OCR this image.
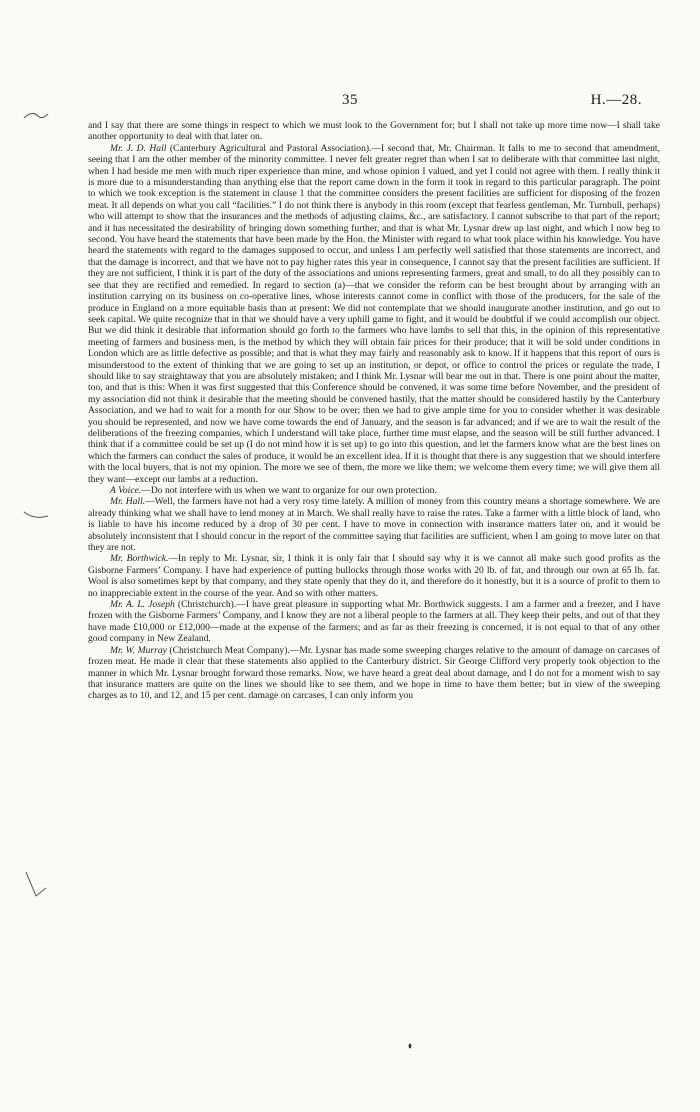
35	H.—28.

and I say that there are some things in respect to which we must look to the Government for; but I shall not take up more time now—I shall take another opportunity to deal with that later on.

Mr. J. D. Hall (Canterbury Agricultural and Pastoral Association).—I second that, Mr. Chairman. It falls to me to second that amendment, seeing that I am the other member of the minority committee. I never felt greater regret than when I sat to deliberate with that committee last night, when I had beside me men with much riper experience than mine, and whose opinion I valued, and yet I could not agree with them. I really think it is more due to a misunderstanding than anything else that the report came down in the form it took in regard to this particular paragraph. The point to which we took exception is the statement in clause 1 that the committee considers the present facilities are sufficient for disposing of the frozen meat. It all depends on what you call “facilities.” I do not think there is anybody in this room (except that fearless gentleman, Mr. Turnbull, perhaps) who will attempt to show that the insurances and the methods of adjusting claims, &c., are satisfactory. I cannot subscribe to that part of the report; and it has necessitated the desirability of bringing down something further, and that is what Mr. Lysnar drew up last night, and which I now beg to second. You have heard the statements that have been made by the Hon. the Minister with regard to what took place within his knowledge. You have heard the statements with regard to the damages supposed to occur, and unless I am perfectly well satisfied that those statements are incorrect, and that the damage is incorrect, and that we have not to pay higher rates this year in consequence, I cannot say that the present facilities are sufficient. If they are not sufficient, I think it is part of the duty of the associations and unions representing farmers, great and small, to do all they possibly can to see that they are rectified and remedied. In regard to section (a)—that we consider the reform can be best brought about by arranging with an institution carrying on its business on co-operative lines, whose interests cannot come in conflict with those of the producers, for the sale of the produce in England on a more equitable basis than at present: We did not contemplate that we should inaugurate another institution, and go out to seek capital. We quite recognize that in that we should have a very uphill game to fight, and it would be doubtful if we could accomplish our object. But we did think it desirable that information should go forth to the farmers who have lambs to sell that this, in the opinion of this representative meeting of farmers and business men, is the method by which they will obtain fair prices for their produce; that it will be sold under conditions in London which are as little defective as possible; and that is what they may fairly and reasonably ask to know. If it happens that this report of ours is misunderstood to the extent of thinking that we are going to set up an institution, or depot, or office to control the prices or regulate the trade, I should like to say straightaway that you are absolutely mistaken; and I think Mr. Lysnar will bear me out in that. There is one point about the matter, too, and that is this: When it was first suggested that this Conference should be convened, it was some time before November, and the president of my association did not think it desirable that the meeting should be convened hastily, that the matter should be considered hastily by the Canterbury Association, and we had to wait for a month for our Show to be over; then we had to give ample time for you to consider whether it was desirable you should be represented, and now we have come towards the end of January, and the season is far advanced; and if we are to wait the result of the deliberations of the freezing companies, which I understand will take place, further time must elapse, and the season will be still further advanced. I think that if a committee could be set up (I do not mind how it is set up) to go into this question, and let the farmers know what are the best lines on which the farmers can conduct the sales of produce, it would be an excellent idea. If it is thought that there is any suggestion that we should interfere with the local buyers, that is not my opinion. The more we see of them, the more we like them; we welcome them every time; we will give them all they want—except our lambs at a reduction.

A Voice.—Do not interfere with us when we want to organize for our own protection.

Mr. Hall.—Well, the farmers have not had a very rosy time lately. A million of money from this country means a shortage somewhere. We are already thinking what we shall have to lend money at in March. We shall really have to raise the rates. Take a farmer with a little block of land, who is liable to have his income reduced by a drop of 30 per cent. I have to move in connection with insurance matters later on, and it would be absolutely inconsistent that I should concur in the report of the committee saying that facilities are sufficient, when I am going to move later on that they are not.

Mr. Borthwick.—In reply to Mr. Lysnar, sir, I think it is only fair that I should say why it is we cannot all make such good profits as the Gisborne Farmers’ Company. I have had experience of putting bullocks through those works with 20 lb. of fat, and through our own at 65 lb. fat. Wool is also sometimes kept by that company, and they state openly that they do it, and therefore do it honestly, but it is a source of profit to them to no inappreciable extent in the course of the year. And so with other matters.

Mr. A. L. Joseph (Christchurch).—I have great pleasure in supporting what Mr. Borthwick suggests. I am a farmer and a freezer, and I have frozen with the Gisborne Farmers’ Company, and I know they are not a liberal people to the farmers at all. They keep their pelts, and out of that they have made £10,000 or £12,000—made at the expense of the farmers; and as far as their freezing is concerned, it is not equal to that of any other good company in New Zealand.

Mr. W. Murray (Christchurch Meat Company).—Mr. Lysnar has made some sweeping charges relative to the amount of damage on carcases of frozen meat. He made it clear that these statements also applied to the Canterbury district. Sir George Clifford very properly took objection to the manner in which Mr. Lysnar brought forward those remarks. Now, we have heard a great deal about damage, and I do not for a moment wish to say that insurance matters are quite on the lines we should like to see them, and we hope in time to have them better; but in view of the sweeping charges as to 10, and 12, and 15 per cent. damage on carcases, I can only inform you
